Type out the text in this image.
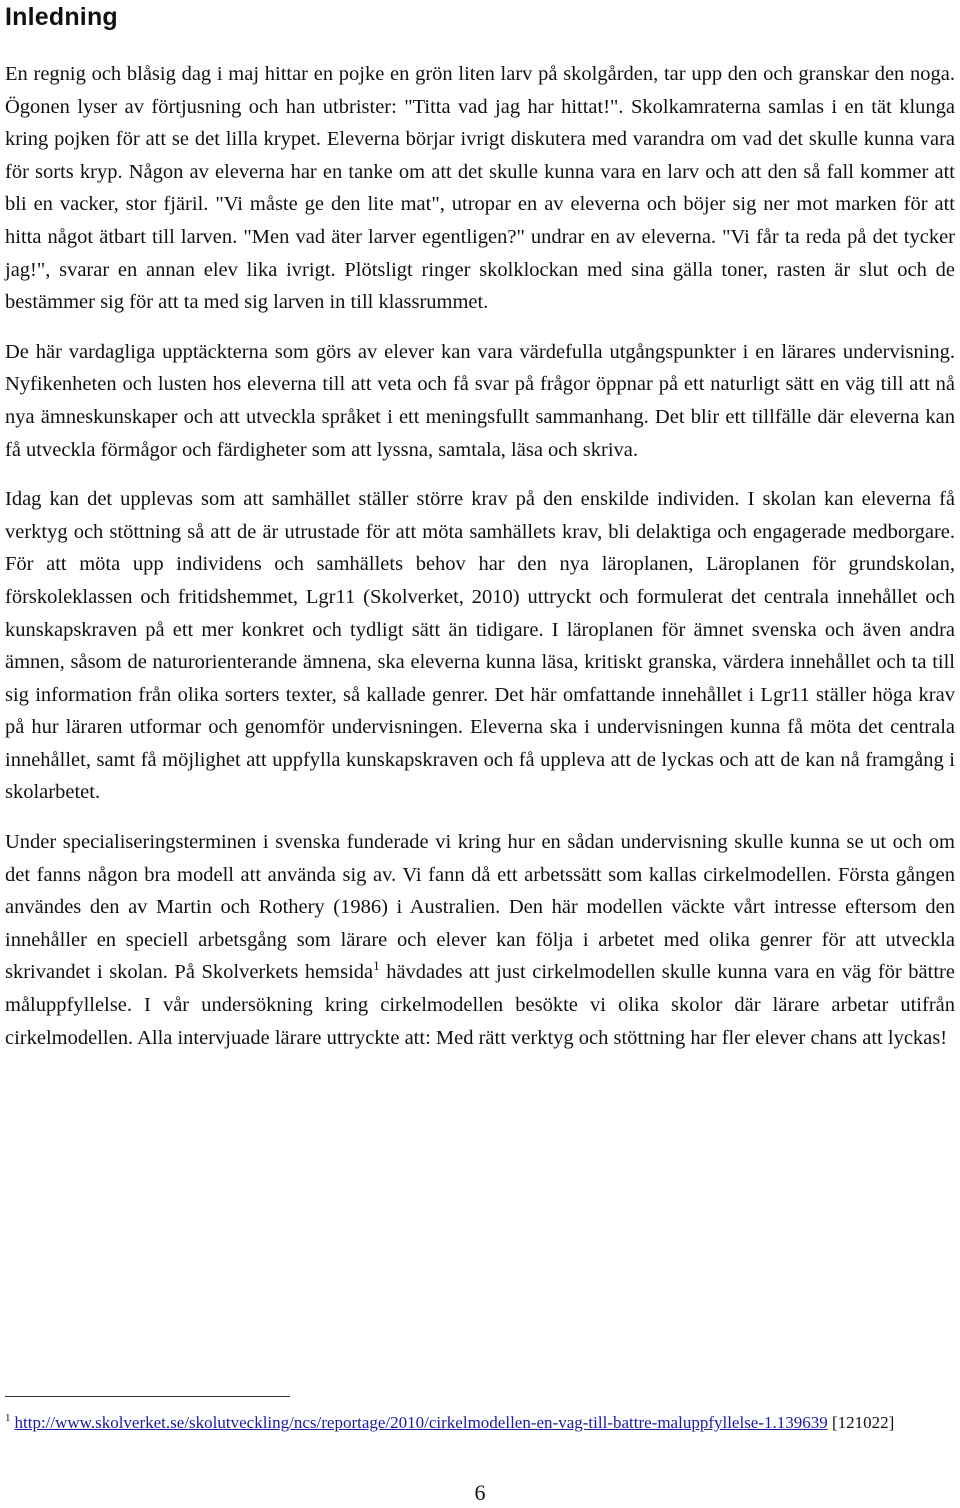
Inledning

En regnig och blåsig dag i maj hittar en pojke en grön liten larv på skolgården, tar upp den och granskar den noga. Ögonen lyser av förtjusning och han utbrister: "Titta vad jag har hittat!". Skolkamraterna samlas i en tät klunga kring pojken för att se det lilla krypet. Eleverna börjar ivrigt diskutera med varandra om vad det skulle kunna vara för sorts kryp. Någon av eleverna har en tanke om att det skulle kunna vara en larv och att den så fall kommer att bli en vacker, stor fjäril. "Vi måste ge den lite mat", utropar en av eleverna och böjer sig ner mot marken för att hitta något ätbart till larven. "Men vad äter larver egentligen?" undrar en av eleverna. "Vi får ta reda på det tycker jag!", svarar en annan elev lika ivrigt. Plötsligt ringer skolklockan med sina gälla toner, rasten är slut och de bestämmer sig för att ta med sig larven in till klassrummet.

De här vardagliga upptäckterna som görs av elever kan vara värdefulla utgångspunkter i en lärares undervisning. Nyfikenheten och lusten hos eleverna till att veta och få svar på frågor öppnar på ett naturligt sätt en väg till att nå nya ämneskunskaper och att utveckla språket i ett meningsfullt sammanhang. Det blir ett tillfälle där eleverna kan få utveckla förmågor och färdigheter som att lyssna, samtala, läsa och skriva.

Idag kan det upplevas som att samhället ställer större krav på den enskilde individen. I skolan kan eleverna få verktyg och stöttning så att de är utrustade för att möta samhällets krav, bli delaktiga och engagerade medborgare. För att möta upp individens och samhällets behov har den nya läroplanen, Läroplanen för grundskolan, förskoleklassen och fritidshemmet, Lgr11 (Skolverket, 2010) uttryckt och formulerat det centrala innehållet och kunskapskraven på ett mer konkret och tydligt sätt än tidigare. I läroplanen för ämnet svenska och även andra ämnen, såsom de naturorienterande ämnena, ska eleverna kunna läsa, kritiskt granska, värdera innehållet och ta till sig information från olika sorters texter, så kallade genrer. Det här omfattande innehållet i Lgr11 ställer höga krav på hur läraren utformar och genomför undervisningen. Eleverna ska i undervisningen kunna få möta det centrala innehållet, samt få möjlighet att uppfylla kunskapskraven och få uppleva att de lyckas och att de kan nå framgång i skolarbetet.

Under specialiseringsterminen i svenska funderade vi kring hur en sådan undervisning skulle kunna se ut och om det fanns någon bra modell att använda sig av. Vi fann då ett arbetssätt som kallas cirkelmodellen. Första gången användes den av Martin och Rothery (1986) i Australien. Den här modellen väckte vårt intresse eftersom den innehåller en speciell arbetsgång som lärare och elever kan följa i arbetet med olika genrer för att utveckla skrivandet i skolan. På Skolverkets hemsida$^1$ hävdades att just cirkelmodellen skulle kunna vara en väg för bättre måluppfyllelse. I vår undersökning kring cirkelmodellen besökte vi olika skolor där lärare arbetar utifrån cirkelmodellen. Alla intervjuade lärare uttryckte att: Med rätt verktyg och stöttning har fler elever chans att lyckas!

$^1$ http://www.skolverket.se/skolutveckling/ncs/reportage/2010/cirkelmodellen-en-vag-till-battre-maluppfyllelse-1.139639 [121022]
6
